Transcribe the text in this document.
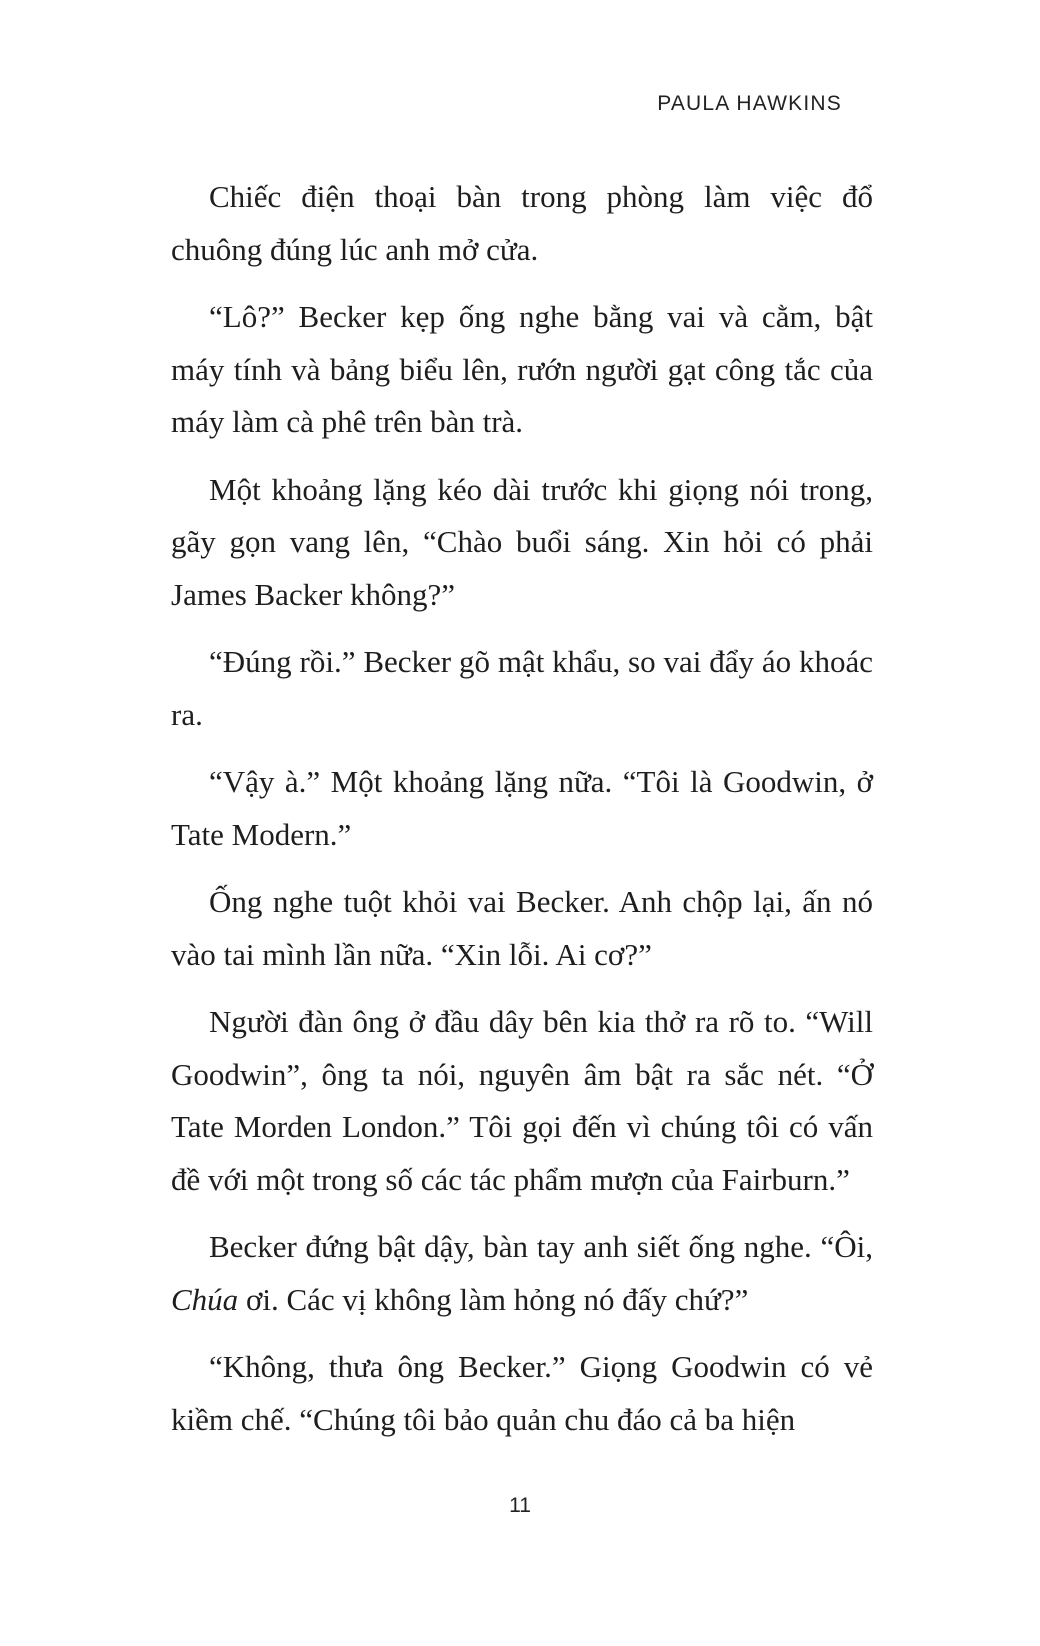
PAULA HAWKINS

Chiếc điện thoại bàn trong phòng làm việc đổ chuông đúng lúc anh mở cửa.

“Lô?” Becker kẹp ống nghe bằng vai và cằm, bật máy tính và bảng biểu lên, rướn người gạt công tắc của máy làm cà phê trên bàn trà.

Một khoảng lặng kéo dài trước khi giọng nói trong, gãy gọn vang lên, “Chào buổi sáng. Xin hỏi có phải James Backer không?”

“Đúng rồi.” Becker gõ mật khẩu, so vai đẩy áo khoác ra.

“Vậy à.” Một khoảng lặng nữa. “Tôi là Goodwin, ở Tate Modern.”

Ống nghe tuột khỏi vai Becker. Anh chộp lại, ấn nó vào tai mình lần nữa. “Xin lỗi. Ai cơ?”

Người đàn ông ở đầu dây bên kia thở ra rõ to. “Will Goodwin”, ông ta nói, nguyên âm bật ra sắc nét. “Ở Tate Morden London.” Tôi gọi đến vì chúng tôi có vấn đề với một trong số các tác phẩm mượn của Fairburn.”

Becker đứng bật dậy, bàn tay anh siết ống nghe. “Ôi, Chúa ơi. Các vị không làm hỏng nó đấy chứ?”

“Không, thưa ông Becker.” Giọng Goodwin có vẻ kiềm chế. “Chúng tôi bảo quản chu đáo cả ba hiện

11
